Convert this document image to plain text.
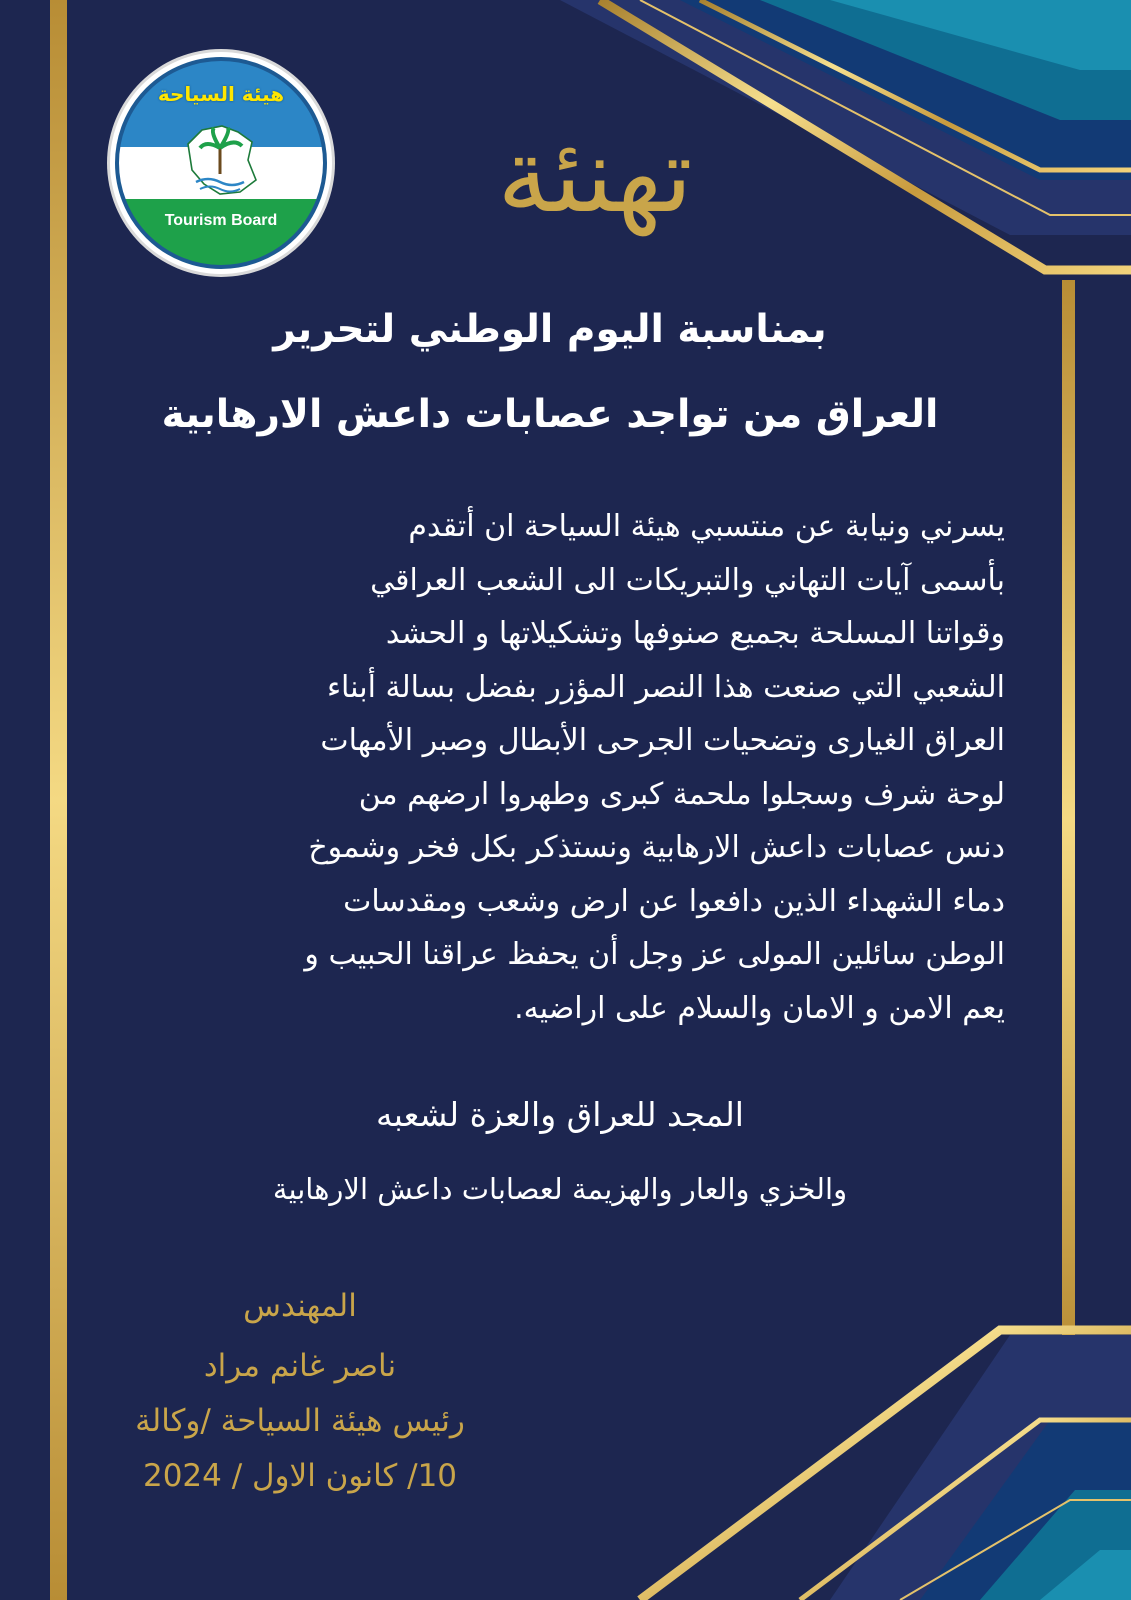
هيئة السياحة
Tourism Board	تهنئة
بمناسبة اليوم الوطني لتحرير
العراق من تواجد عصابات داعش الارهابية
يسرني ونيابة عن منتسبي هيئة السياحة ان أتقدم
بأسمى آيات التهاني والتبريكات الى الشعب العراقي
وقواتنا المسلحة بجميع صنوفها وتشكيلاتها و الحشد
الشعبي التي صنعت هذا النصر المؤزر بفضل بسالة أبناء
العراق الغيارى وتضحيات الجرحى الأبطال وصبر الأمهات
لوحة شرف وسجلوا ملحمة كبرى وطهروا ارضهم من
دنس عصابات داعش الارهابية ونستذكر بكل فخر وشموخ
دماء الشهداء الذين دافعوا عن ارض وشعب ومقدسات
الوطن سائلين المولى عز وجل أن يحفظ عراقنا الحبيب و
يعم الامن و الامان والسلام على اراضيه.
المجد للعراق والعزة لشعبه
والخزي والعار والهزيمة لعصابات داعش الارهابية
المهندس
ناصر غانم مراد
رئيس هيئة السياحة /وكالة
10/ كانون الاول / 2024
